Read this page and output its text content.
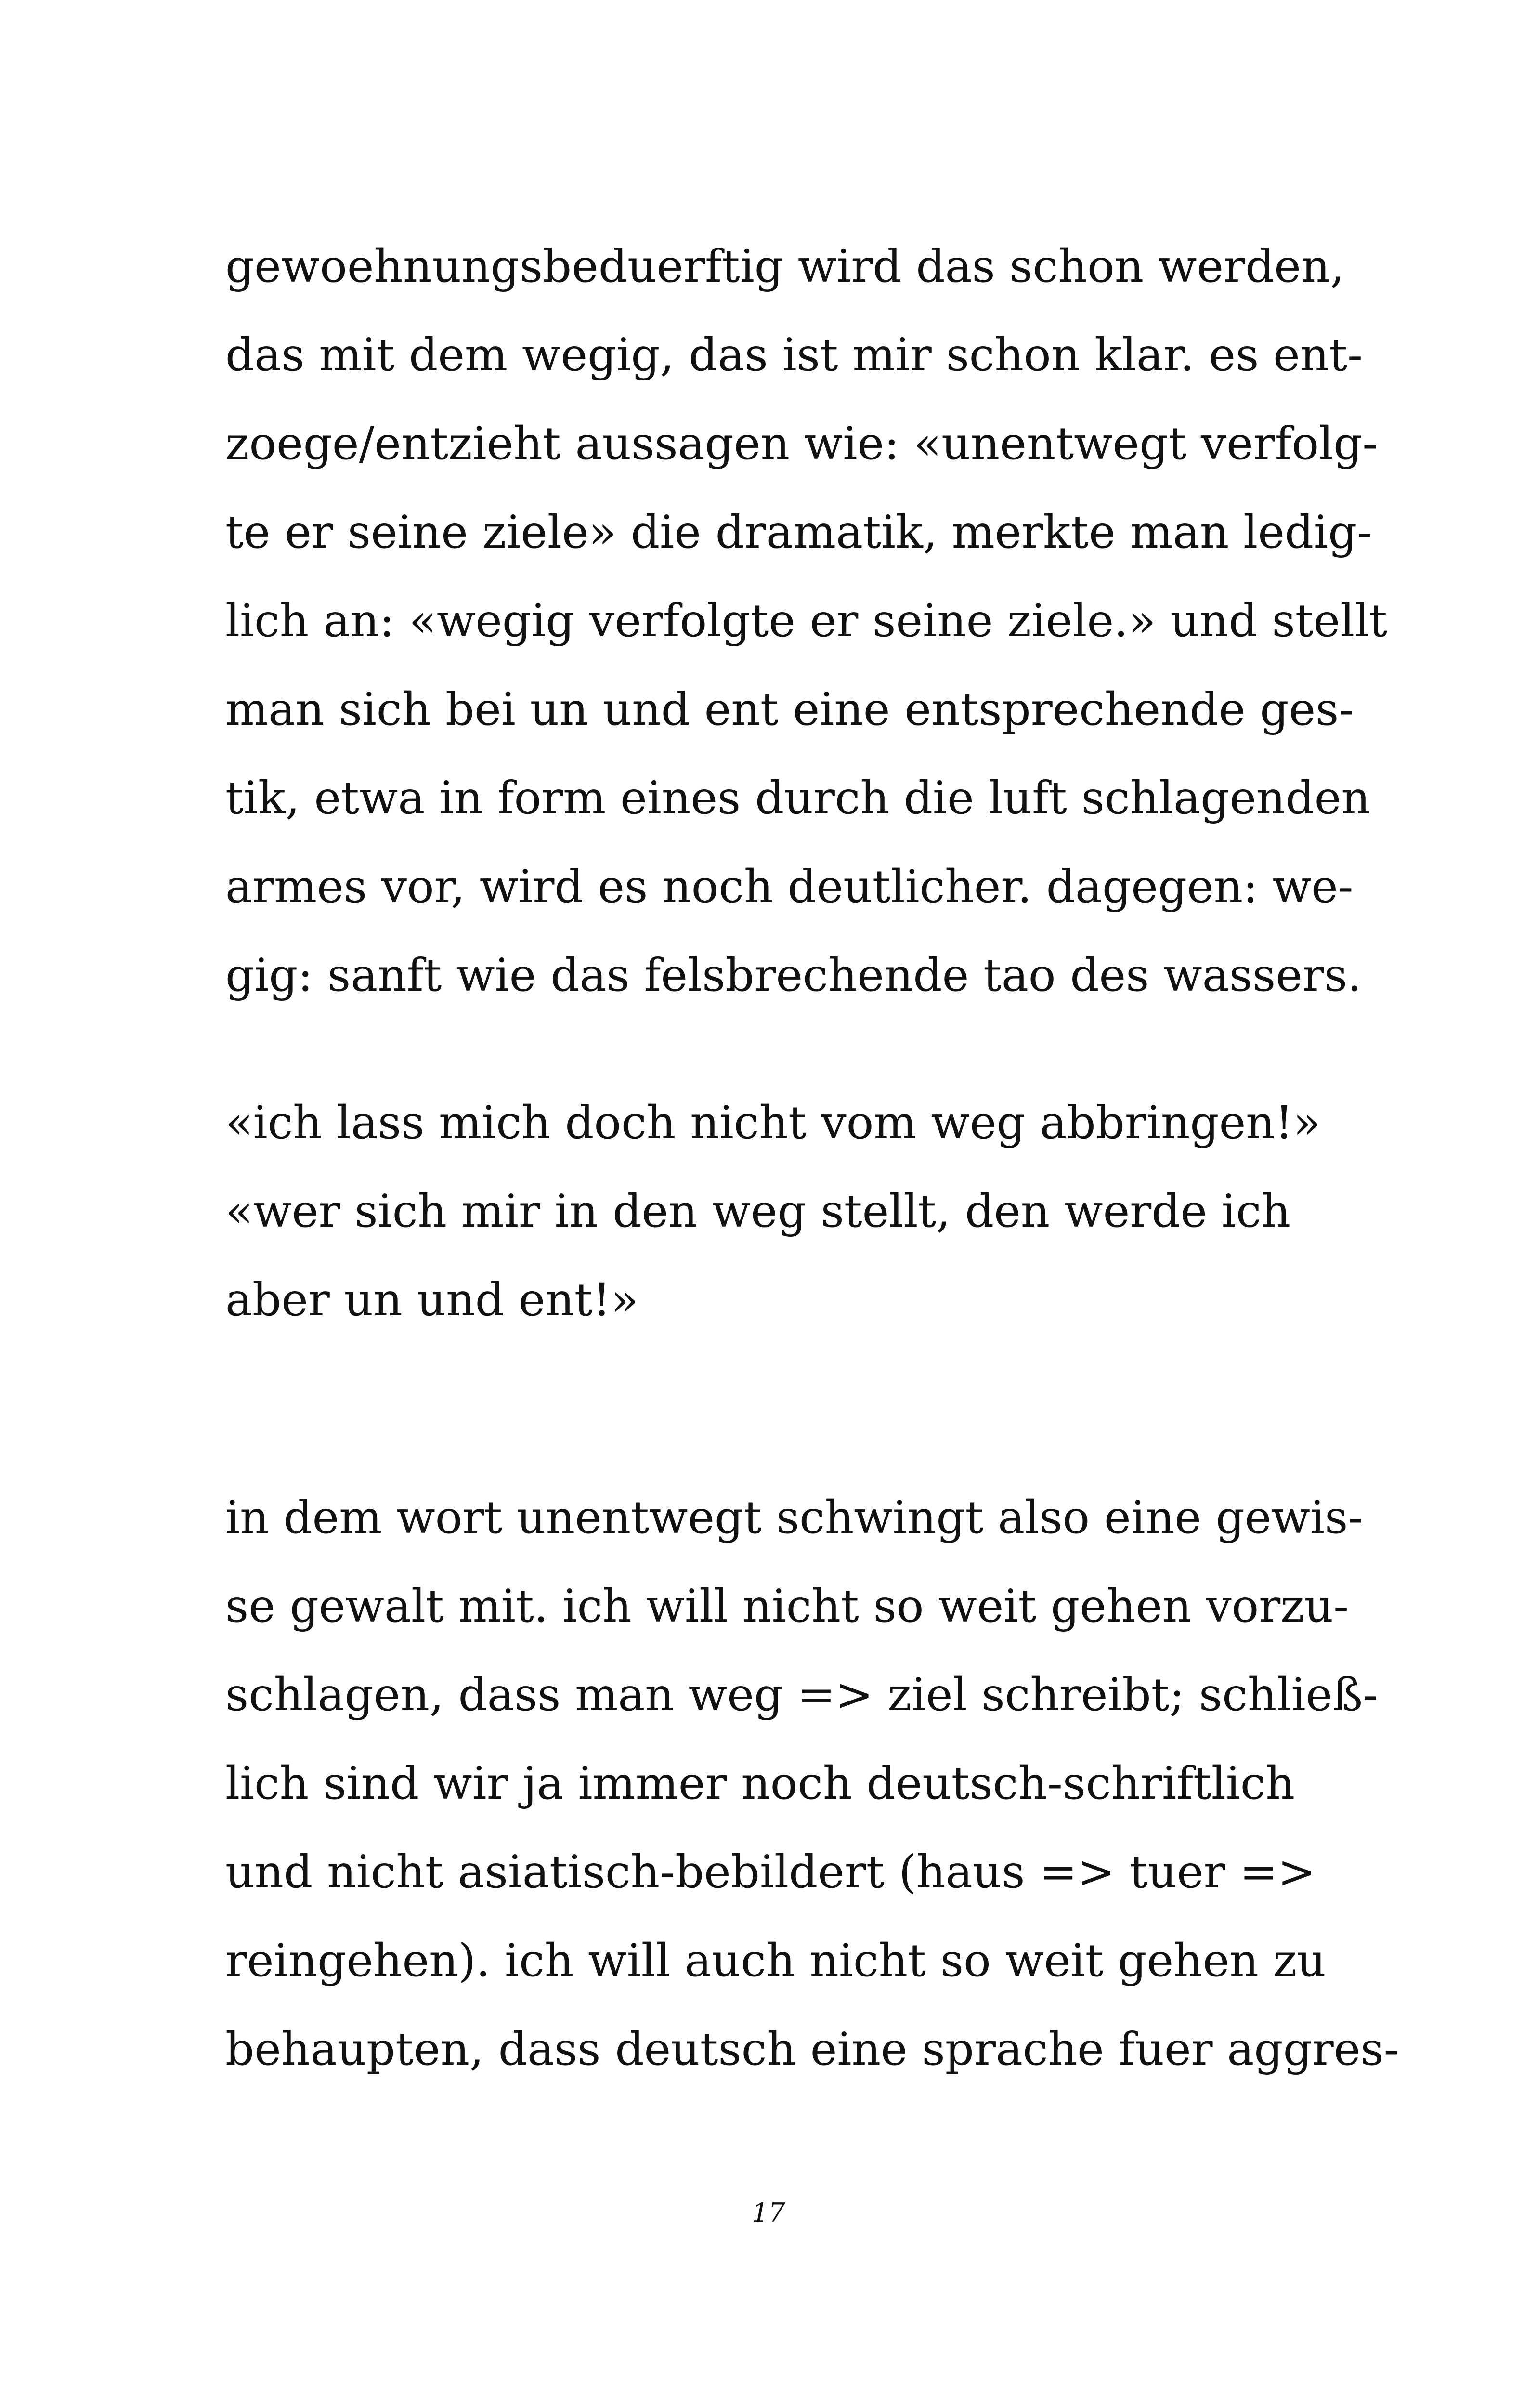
gewoehnungsbeduerftig wird das schon werden,
das mit dem wegig, das ist mir schon klar. es ent-
zoege/entzieht aussagen wie: «unentwegt verfolg-
te er seine ziele» die dramatik, merkte man ledig-
lich an: «wegig verfolgte er seine ziele.» und stellt
man sich bei un und ent eine entsprechende ges-
tik, etwa in form eines durch die luft schlagenden
armes vor, wird es noch deutlicher. dagegen: we-
gig: sanft wie das felsbrechende tao des wassers.
«ich lass mich doch nicht vom weg abbringen!»
«wer sich mir in den weg stellt, den werde ich
aber un und ent!»
in dem wort unentwegt schwingt also eine gewis-
se gewalt mit. ich will nicht so weit gehen vorzu-
schlagen, dass man weg => ziel schreibt; schließ-
lich sind wir ja immer noch deutsch-schriftlich
und nicht asiatisch-bebildert (haus => tuer =>
reingehen). ich will auch nicht so weit gehen zu
behaupten, dass deutsch eine sprache fuer aggres-
17
